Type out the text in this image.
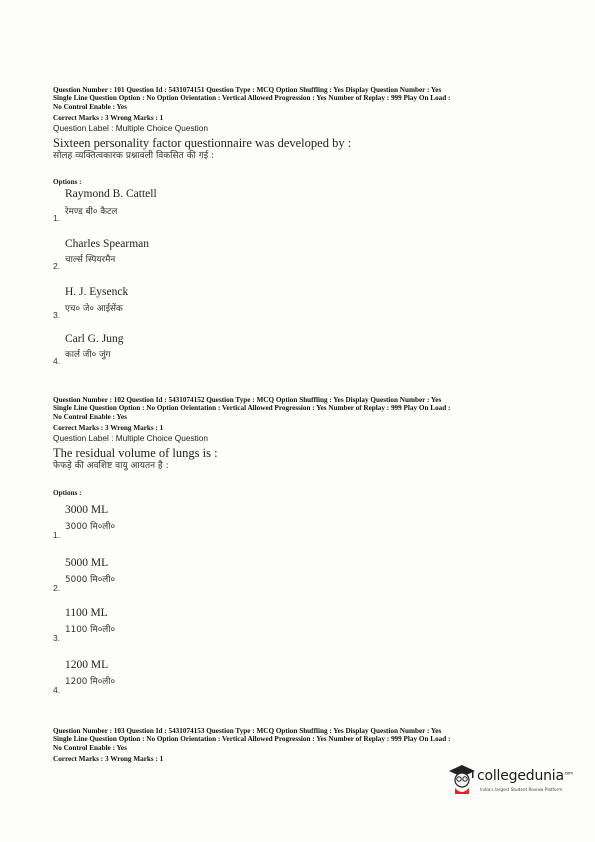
Question Number : 101 Question Id : 5431074151 Question Type : MCQ Option Shuffling : Yes Display Question Number : Yes

Single Line Question Option : No Option Orientation : Vertical Allowed Progression : Yes Number of Replay : 999 Play On Load :

No Control Enable : Yes

Correct Marks : 3 Wrong Marks : 1

Question Label : Multiple Choice Question

Sixteen personality factor questionnaire was developed by :

सोलह व्यक्तित्वकारक प्रश्नावली विकसित की गई :

Options :

Raymond B. Cattell
रेमण्ड बी० कैटल
1.
Charles Spearman
चार्ल्स स्पियरमैन
2.
H. J. Eysenck
एच० जे० आईसेंक
3.
Carl G. Jung
कार्ल जी० जुंग
4.

Question Number : 102 Question Id : 5431074152 Question Type : MCQ Option Shuffling : Yes Display Question Number : Yes

Single Line Question Option : No Option Orientation : Vertical Allowed Progression : Yes Number of Replay : 999 Play On Load :

No Control Enable : Yes

Correct Marks : 3 Wrong Marks : 1

Question Label : Multiple Choice Question

The residual volume of lungs is :

फेफड़े की अवशिष्ट वायु आयतन है :

Options :

3000 ML
3000 मि०ली०
1.
5000 ML
5000 मि०ली०
2.
1100 ML
1100 मि०ली०
3.
1200 ML
1200 मि०ली०
4.

Question Number : 103 Question Id : 5431074153 Question Type : MCQ Option Shuffling : Yes Display Question Number : Yes

Single Line Question Option : No Option Orientation : Vertical Allowed Progression : Yes Number of Replay : 999 Play On Load :

No Control Enable : Yes

Correct Marks : 3 Wrong Marks : 1

collegedunia$^{.com}$
India's largest Student Review Platform
